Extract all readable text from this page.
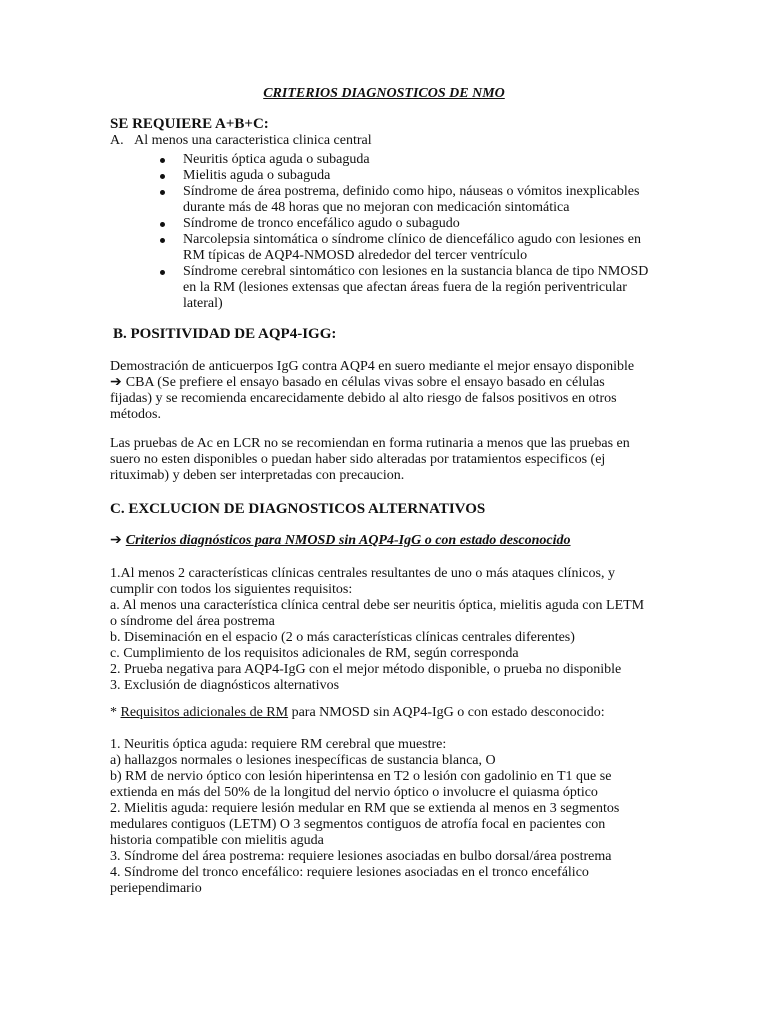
CRITERIOS DIAGNOSTICOS DE NMO
SE REQUIERE A+B+C:
A. Al menos una caracteristica clinica central
Neuritis óptica aguda o subaguda
Mielitis aguda o subaguda
Síndrome de área postrema, definido como hipo, náuseas o vómitos inexplicables
durante más de 48 horas que no mejoran con medicación sintomática
Síndrome de tronco encefálico agudo o subagudo
Narcolepsia sintomática o síndrome clínico de diencefálico agudo con lesiones en
RM típicas de AQP4-NMOSD alrededor del tercer ventrículo
Síndrome cerebral sintomático con lesiones en la sustancia blanca de tipo NMOSD
en la RM (lesiones extensas que afectan áreas fuera de la región periventricular
lateral)
B. POSITIVIDAD DE AQP4-IGG:
Demostración de anticuerpos IgG contra AQP4 en suero mediante el mejor ensayo disponible
➔ CBA (Se prefiere el ensayo basado en células vivas sobre el ensayo basado en células
fijadas) y se recomienda encarecidamente debido al alto riesgo de falsos positivos en otros
métodos.
Las pruebas de Ac en LCR no se recomiendan en forma rutinaria a menos que las pruebas en
suero no esten disponibles o puedan haber sido alteradas por tratamientos especificos (ej
rituximab) y deben ser interpretadas con precaucion.
C. EXCLUCION DE DIAGNOSTICOS ALTERNATIVOS
➔ Criterios diagnósticos para NMOSD sin AQP4-IgG o con estado desconocido
1.Al menos 2 características clínicas centrales resultantes de uno o más ataques clínicos, y
cumplir con todos los siguientes requisitos:
a. Al menos una característica clínica central debe ser neuritis óptica, mielitis aguda con LETM
o síndrome del área postrema
b. Diseminación en el espacio (2 o más características clínicas centrales diferentes)
c. Cumplimiento de los requisitos adicionales de RM, según corresponda
2. Prueba negativa para AQP4-IgG con el mejor método disponible, o prueba no disponible
3. Exclusión de diagnósticos alternativos
* Requisitos adicionales de RM para NMOSD sin AQP4-IgG o con estado desconocido:
1. Neuritis óptica aguda: requiere RM cerebral que muestre:
a) hallazgos normales o lesiones inespecíficas de sustancia blanca, O
b) RM de nervio óptico con lesión hiperintensa en T2 o lesión con gadolinio en T1 que se
extienda en más del 50% de la longitud del nervio óptico o involucre el quiasma óptico
2. Mielitis aguda: requiere lesión medular en RM que se extienda al menos en 3 segmentos
medulares contiguos (LETM) O 3 segmentos contiguos de atrofía focal en pacientes con
historia compatible con mielitis aguda
3. Síndrome del área postrema: requiere lesiones asociadas en bulbo dorsal/área postrema
4. Síndrome del tronco encefálico: requiere lesiones asociadas en el tronco encefálico
periependimario
